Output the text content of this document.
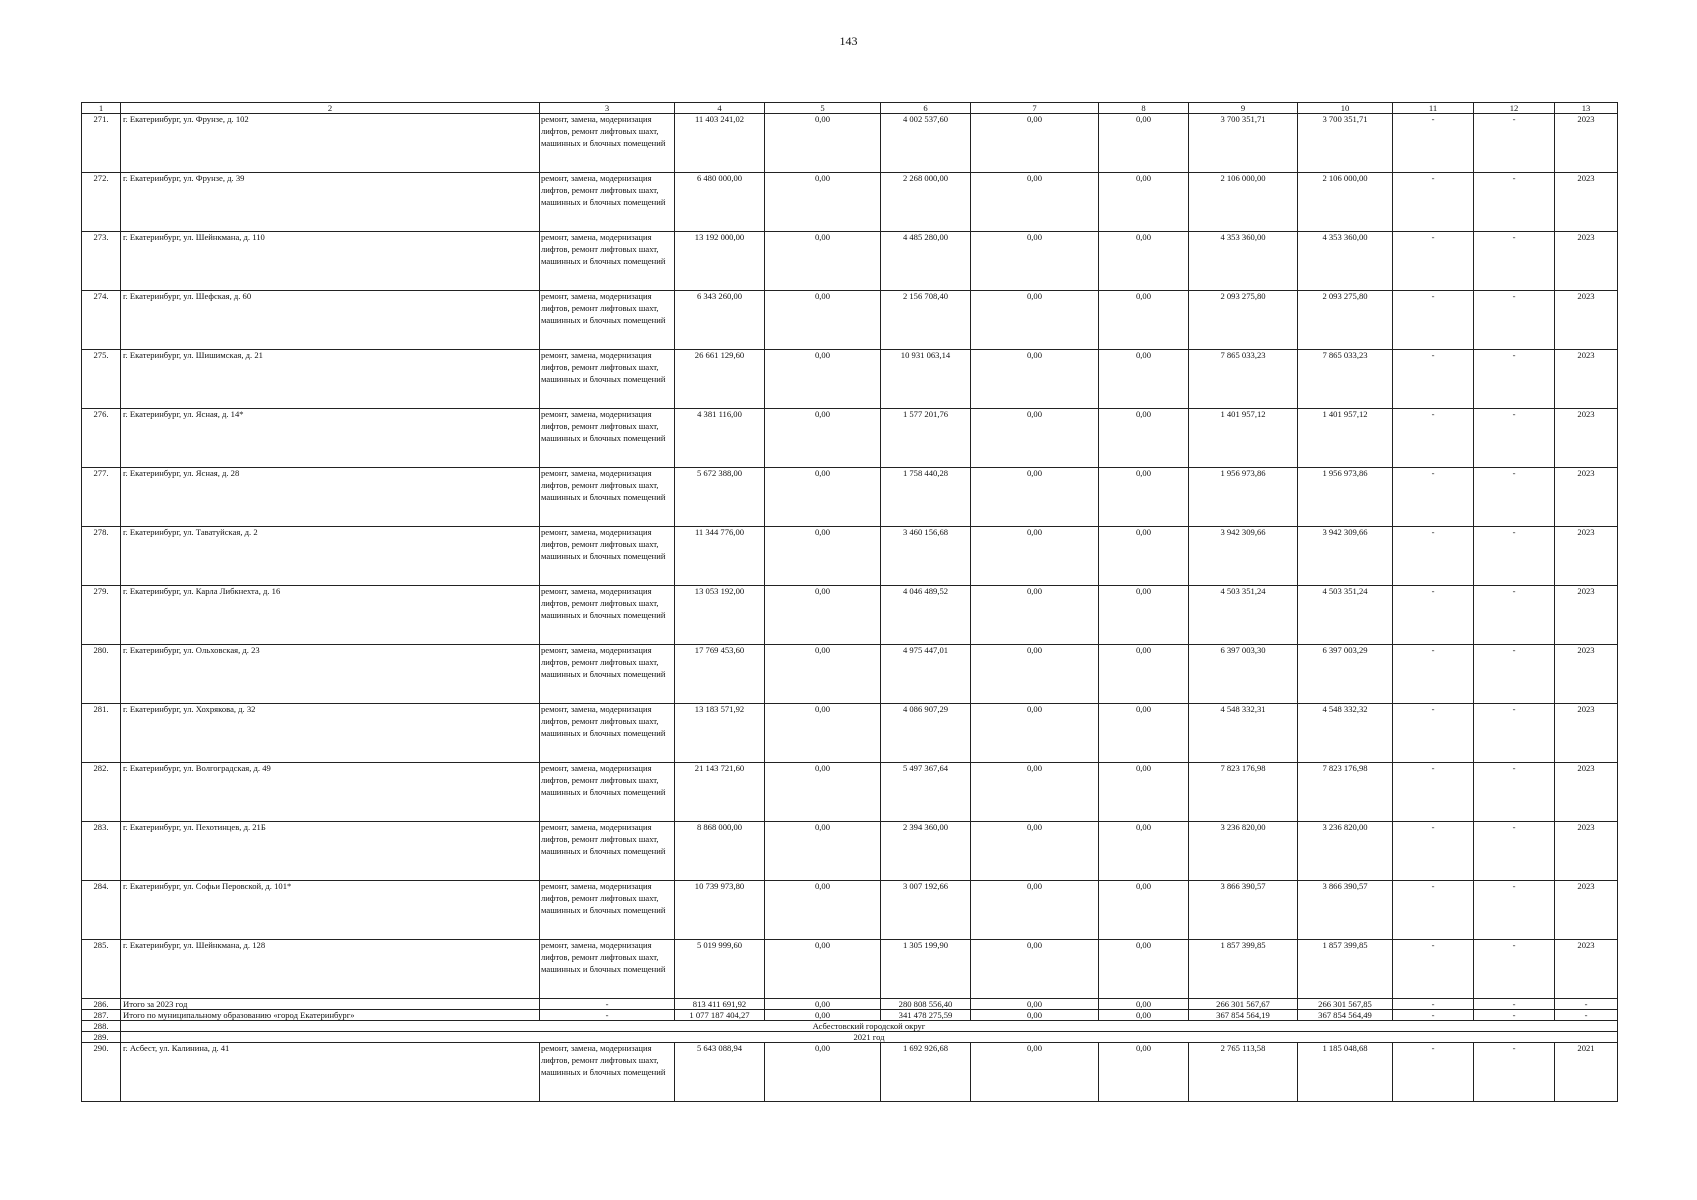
143
1	2	3	4	5	6	7	8	9	10	11	12	13
271.	г. Екатеринбург, ул. Фрунзе, д. 102	ремонт, замена, модернизация лифтов, ремонт лифтовых шахт, машинных и блочных помещений	11 403 241,02	0,00	4 002 537,60	0,00	0,00	3 700 351,71	3 700 351,71	-	-	2023
272.	г. Екатеринбург, ул. Фрунзе, д. 39	ремонт, замена, модернизация лифтов, ремонт лифтовых шахт, машинных и блочных помещений	6 480 000,00	0,00	2 268 000,00	0,00	0,00	2 106 000,00	2 106 000,00	-	-	2023
273.	г. Екатеринбург, ул. Шейнкмана, д. 110	ремонт, замена, модернизация лифтов, ремонт лифтовых шахт, машинных и блочных помещений	13 192 000,00	0,00	4 485 280,00	0,00	0,00	4 353 360,00	4 353 360,00	-	-	2023
274.	г. Екатеринбург, ул. Шефская, д. 60	ремонт, замена, модернизация лифтов, ремонт лифтовых шахт, машинных и блочных помещений	6 343 260,00	0,00	2 156 708,40	0,00	0,00	2 093 275,80	2 093 275,80	-	-	2023
275.	г. Екатеринбург, ул. Шишимская, д. 21	ремонт, замена, модернизация лифтов, ремонт лифтовых шахт, машинных и блочных помещений	26 661 129,60	0,00	10 931 063,14	0,00	0,00	7 865 033,23	7 865 033,23	-	-	2023
276.	г. Екатеринбург, ул. Ясная, д. 14*	ремонт, замена, модернизация лифтов, ремонт лифтовых шахт, машинных и блочных помещений	4 381 116,00	0,00	1 577 201,76	0,00	0,00	1 401 957,12	1 401 957,12	-	-	2023
277.	г. Екатеринбург, ул. Ясная, д. 28	ремонт, замена, модернизация лифтов, ремонт лифтовых шахт, машинных и блочных помещений	5 672 388,00	0,00	1 758 440,28	0,00	0,00	1 956 973,86	1 956 973,86	-	-	2023
278.	г. Екатеринбург, ул. Таватуйская, д. 2	ремонт, замена, модернизация лифтов, ремонт лифтовых шахт, машинных и блочных помещений	11 344 776,00	0,00	3 460 156,68	0,00	0,00	3 942 309,66	3 942 309,66	-	-	2023
279.	г. Екатеринбург, ул. Карла Либкнехта, д. 16	ремонт, замена, модернизация лифтов, ремонт лифтовых шахт, машинных и блочных помещений	13 053 192,00	0,00	4 046 489,52	0,00	0,00	4 503 351,24	4 503 351,24	-	-	2023
280.	г. Екатеринбург, ул. Ольховская, д. 23	ремонт, замена, модернизация лифтов, ремонт лифтовых шахт, машинных и блочных помещений	17 769 453,60	0,00	4 975 447,01	0,00	0,00	6 397 003,30	6 397 003,29	-	-	2023
281.	г. Екатеринбург, ул. Хохрякова, д. 32	ремонт, замена, модернизация лифтов, ремонт лифтовых шахт, машинных и блочных помещений	13 183 571,92	0,00	4 086 907,29	0,00	0,00	4 548 332,31	4 548 332,32	-	-	2023
282.	г. Екатеринбург, ул. Волгоградская, д. 49	ремонт, замена, модернизация лифтов, ремонт лифтовых шахт, машинных и блочных помещений	21 143 721,60	0,00	5 497 367,64	0,00	0,00	7 823 176,98	7 823 176,98	-	-	2023
283.	г. Екатеринбург, ул. Пехотинцев, д. 21Б	ремонт, замена, модернизация лифтов, ремонт лифтовых шахт, машинных и блочных помещений	8 868 000,00	0,00	2 394 360,00	0,00	0,00	3 236 820,00	3 236 820,00	-	-	2023
284.	г. Екатеринбург, ул. Софьи Перовской, д. 101*	ремонт, замена, модернизация лифтов, ремонт лифтовых шахт, машинных и блочных помещений	10 739 973,80	0,00	3 007 192,66	0,00	0,00	3 866 390,57	3 866 390,57	-	-	2023
285.	г. Екатеринбург, ул. Шейнкмана, д. 128	ремонт, замена, модернизация лифтов, ремонт лифтовых шахт, машинных и блочных помещений	5 019 999,60	0,00	1 305 199,90	0,00	0,00	1 857 399,85	1 857 399,85	-	-	2023
286.	Итого за 2023 год	-	813 411 691,92	0,00	280 808 556,40	0,00	0,00	266 301 567,67	266 301 567,85	-	-	-
287.	Итого по муниципальному образованию «город Екатеринбург»	-	1 077 187 404,27	0,00	341 478 275,59	0,00	0,00	367 854 564,19	367 854 564,49	-	-	-
288.	Асбестовский городской округ											
289.	2021 год											
290.	г. Асбест, ул. Калинина, д. 41	ремонт, замена, модернизация лифтов, ремонт лифтовых шахт, машинных и блочных помещений	5 643 088,94	0,00	1 692 926,68	0,00	0,00	2 765 113,58	1 185 048,68	-	-	2021
